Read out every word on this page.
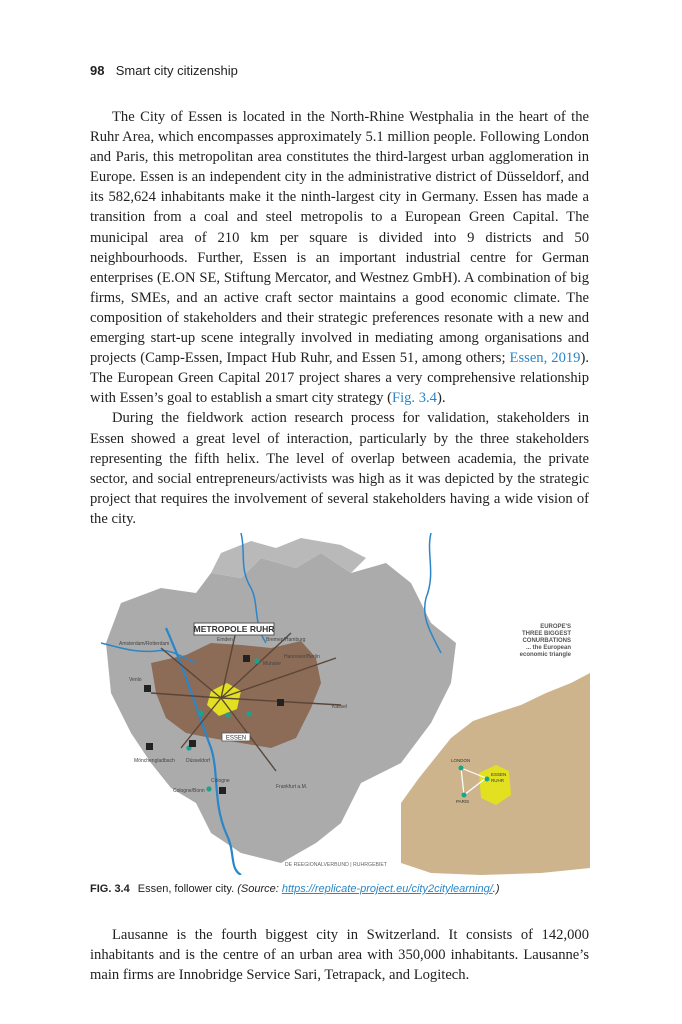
98 Smart city citizenship

The City of Essen is located in the North-Rhine Westphalia in the heart of the Ruhr Area, which encompasses approximately 5.1 million people. Following London and Paris, this metropolitan area constitutes the third-largest urban agglomeration in Europe. Essen is an independent city in the administrative district of Düsseldorf, and its 582,624 inhabitants make it the ninth-largest city in Germany. Essen has made a transition from a coal and steel metropolis to a European Green Capital. The municipal area of 210 km per square is divided into 9 districts and 50 neighbourhoods. Further, Essen is an important industrial centre for German enterprises (E.ON SE, Stiftung Mercator, and Westnez GmbH). A combination of big firms, SMEs, and an active craft sector maintains a good economic climate. The composition of stakeholders and their strategic preferences resonate with a new and emerging start-up scene integrally involved in mediating among organisations and projects (Camp-Essen, Impact Hub Ruhr, and Essen 51, among others; Essen, 2019). The European Green Capital 2017 project shares a very comprehensive relationship with Essen’s goal to establish a smart city strategy (Fig. 3.4).

During the fieldwork action research process for validation, stakeholders in Essen showed a great level of interaction, particularly by the three stakeholders representing the fifth helix. The level of overlap between academia, the private sector, and social entrepreneurs/activists was high as it was depicted by the strategic project that requires the involvement of several stakeholders having a wide vision of the city.

METROPOLE RUHR
Amsterdam/Rotterdam
Emden	Bremen/Hamburg
Hannover/Berlin
Münster
Venlo
Kassel
Mönchengladbach Düsseldorf
Cologne
Cologne/Bonn
Frankfurt a.M.
ESSEN
LONDON
ESSEN
RUHR
PARIS
EUROPE'S
THREE BIGGEST
CONURBATIONS
... the European
economic triangle
DE REEGIONALVERBUND | RUHRGEBIET
FIG. 3.4 Essen, follower city. (Source: https://replicate-project.eu/city2citylearning/.)

Lausanne is the fourth biggest city in Switzerland. It consists of 142,000 inhabitants and is the centre of an urban area with 350,000 inhabitants. Lausanne’s main firms are Innobridge Service Sari, Tetrapack, and Logitech.
